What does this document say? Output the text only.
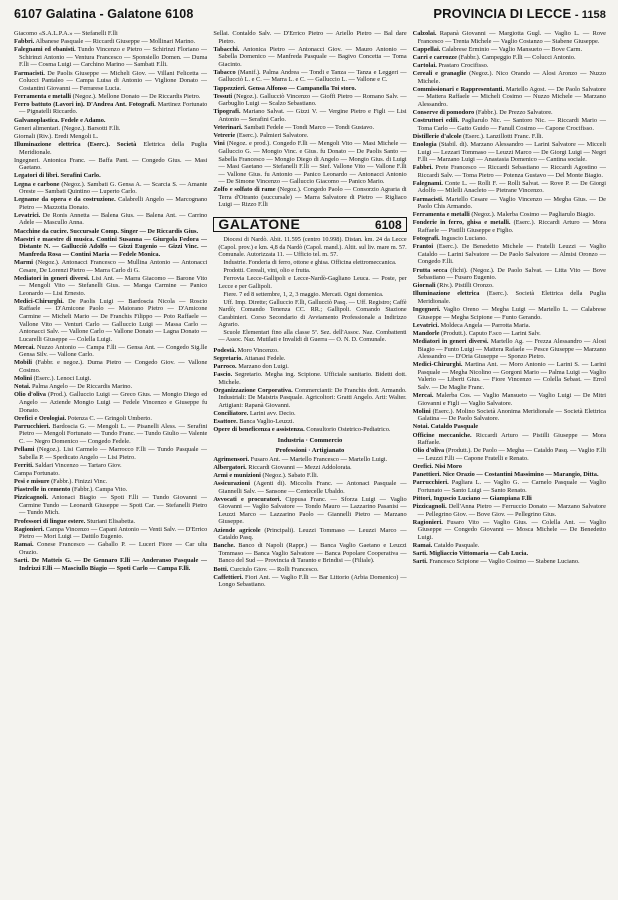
6107 Galatina - Galatone 6108	PROVINCIA DI LECCE - 1158

Giacomo «S.A.L.P.A.» — Stefanelli F.lli

Fabbri. Albanese Pasquale — Riccardi Giuseppe — Mollinari Marino.

Falegnami ed ebanisti. Tundo Vincenzo e Pietro — Schirinzi Floriano — Schirinzi Antonio — Ventura Francesco — Sponsiello Domen. — Duma F.lli — Cosma Luigi — Carchino Marino — Sambati F.lli.

Farmacisti. De Paolis Giuseppe — Micheli Giov. — Villani Felicetta — Colucci Pantaleo — Campa Luisa di Antonio — Viglione Donato — Costantini Giovanni — Ferrarese Lucia.

Ferramenta e metalli (Negoz.). Mellone Donato — De Riccardis Pietro.

Ferro battuto (Lavori in). D'Andrea Ant. Fotografi. Martinez Fortunato — Pignatelli Riccardo.

Galvanoplastica. Fedele e Adamo.

Generi alimentari. (Negoz.). Barsotti F.lli.

Giornali (Riv.). Eredi Mengoli L.

Illuminazione elettrica (Eserc.). Società Elettrica della Puglia Meridionale.

Ingegneri. Antonica Franc. — Baffa Pant. — Congedo Gius. — Masi Gaetano.

Legatori di libri. Serafini Carlo.

Legna e carbone (Negoz.). Sambati G. Gensa A. — Scarcia S. — Amante Oreste — Sambati Quintino — Luperto Carlo.

Legname da opera e da costruzione. Calabrelli Angelo — Marcognano Pietro — Mazzotta Donato.

Levatrici. De Ronis Annetta — Balena Gius. — Balena Ant. — Carrino Adele — Mascullo Anna.

Macchine da cucire. Succursale Comp. Singer — De Riccardis Gius.

Maestri e maestre di musica. Contini Susanna — Giurgola Fedora — Distante N. — Gallucciò Adolfo — Gizzi Eugenio — Gizzi Vinc. — Manfreda Rosa — Contini Maria — Fedele Monica.

Marmi (Negoz.). Antonacci Francesco — Mullina Antonio — Antonacci Cesare, De Lorenzi Pietro — Marra Carlo di G.

Mediatori in generi diversi. Lisi Ant. — Marra Giacomo — Barone Vito — Mengoli Vito — Stefanelli Gius. — Manga Carmine — Panico Leonardo — Lisi Ernesto.

Medici-Chirurghi. De Paolis Luigi — Bardoscia Nicola — Roscio Raffaele — D'Amicone Paolo — Maiorano Pietro — D'Amicone Carmine — Micheli Mario — De Franchis Filippo — Poto Raffaele — Vallone Vito — Venturi Carlo — Galluccio Luigi — Massa Carlo — Antonacci Salv. — Vallone Carlo — Vallone Donato — Lagna Donato — Lucarelli Giuseppe — Colella Luigi.

Mercai. Nuzzo Antonio — Campa F.lli — Gensa Ant. — Congedo Sig.lle Gensa Silv. — Vallone Carlo.

Mobili (Fabbr. e negoz.). Duma Pietro — Congedo Giov. — Vallone Cosimo.

Molini (Eserc.). Lenoci Luigi.

Notai. Palma Angelo — De Riccardis Marino.

Olio d'oliva (Prod.). Galluccio Luigi — Greco Gius. — Mongio Diego ed Angelo — Aziende Mongio Luigi — Fedele Vincenzo e Giuseppe fu Donato.

Orefici e Orologiai. Potenza C. — Gringoli Umberto.

Parrucchieri. Bardoscia G. — Mengoli L. — Pisanelli Aless. — Serafini Pietro — Mengoli Fortunato — Tundo Franc. — Tundo Giulio — Valente C. — Negro Domenico — Congedo Fedele.

Pellami (Negoz.). Lisi Carmelo — Marrocco F.lli — Tundo Pasquale — Sabella P. — Spedicato Angelo — Lisi Pietro.

Ferriti. Saldari Vincenzo — Tartaro Giov.

Campa Fortunato.

Pesi e misure (Fabbr.). Finizzi Vinc.

Piastrelle in cemento (Fabbr.). Campa Vito.

Pizzicagnoli. Antonaci Biagio — Spoti F.lli — Tundo Giovanni — Carmine Tundo — Leonardi Giuseppe — Spoti Car. — Stefanelli Pietro — Tundo Mich.

Professori di lingue estere. Sturiani Elisabetta.

Ragionieri. Campa Vincenzo — Capani Antonio — Venti Salv. — D'Errico Pietro — Mori Luigi — Dattilo Eugenio.

Ramai. Conese Francesco — Gaballo P. — Luceri Fiore — Car ulta Orazio.

Sarti. De Matteis G. — De Gennaro F.lli — Anderanso Pasquale — Indrizzi F.lli — Masciullo Biagio — Spoti Carlo — Campa F.lli.

Sellai. Contaldo Salv. — D'Errico Pietro — Ariello Pietro — Bal dare Pietro.

Tabacchi. Antonica Pietro — Antonacci Giov. — Mauro Antonio — Sabella Domenico — Manfreda Pasquale — Bagivo Concetta — Toma Giacinto.

Tabacco (Manif.). Palma Andrea — Tondi e Tanza — Tanza e Leggeri — Gallucciò L. e C. — Marra L. e C. — Galluccio L. — Vallone e C.

Tappezzieri. Gensa Alfonso — Campanella Toi storo.

Tessuti (Negoz.). Gallucciò Vincenzo — Gioffi Pietro — Romano Salv. — Garbuglio Luigi — Scalzo Sebastiano.

Tipografi. Mariano Salvat. — Gizzi V. — Vergine Pietro e Figli — Lisi Antonio — Serafini Carlo.

Veterinari. Sambati Fedele — Tondi Marco — Tondi Gustavo.

Vetrerie (Eserc.). Palmieri Salvatore.

Vini (Negoz. e prod.). Congedo F.lli — Mengoli Vito — Masi Michele — Galluccio G. — Mongio Vinc. e Gius. fu Donato — De Paolis Santo — Sabella Francesco — Mongio Diego di Angelo — Mongio Gius. di Luigi — Masi Gaetano — Stefanelli F.lli — Stef. Vallone Vito — Vallone F.lli — Vallone Gius. fu Antonio — Panico Leonardo — Antonacci Antonio — De Simone Vincenzo — Galluccio Giacomo — Panico Mario.

Zolfo e solfato di rame (Negoz.). Congedo Paolo — Consorzio Agraria di Terra d'Otranto (succursale) — Marra Salvatore di Pietro — Rigliaco Luigi — Rizzo F.lli

GALATONE	6108

Diocesi di Nardò. Abit. 11.595 (centro 10.998). Distan. km. 24 da Lecce (Capol. prov.) e km. 4,8 da Nardò (Capol. mand.). Altit. sul liv. mare m. 57. Comunale. Autorizzata 11. — Ufficio tel. m. 57.

Industrie. Fonderia di ferro, ottone e ghisa. Officina elettromeccanica.

Prodotti. Cereali, vini, olio e frutta.

Ferrovia Lecce-Gallipoli e Lecce-Nardò-Gagliano Leuca. — Poste, per Lecce e per Gallipoli.

Fiere. 7 ed 8 settembre, 1, 2, 3 maggio. Mercati. Ogni domenica.

Uff. Imp. Dirette; Galluccio F.lli, Gallucciò Pasq. — Uff. Registro; Caffè Nardò; Comando Tenenza CC. RR.; Gallipoli. Comando Stazione Carabinieri. Corso Secondario di Avviamento Professionale a Indirizzo Agrario.

Scuole Elementari fino alla classe 5ª. Sez. dell'Assoc. Naz. Combattenti — Assoc. Naz. Mutilati e Invalidi di Guerra — O. N. D. Comunale.

Podestà. Moro Vincenzo.

Segretario. Attanasi Fedele.

Parroco. Marzano don Luigi.

Fascio. Segretario. Megha ing. Scipione. Ufficiale sanitario. Bidetti dott. Michele.

Organizzazione Corporativa. Commercianti: De Franchis dott. Armando. Industriali: De Maistris Pasquale. Agricoltori: Gratti Angelo. Arti: Walter. Artigiani: Rapanà Giovanni.

Conciliatore. Larini avv. Decio.

Esattore. Banca Vaglio-Leuzzi.

Opere di beneficenza e assistenza. Consultorio Ostetrico-Pediatrico.

Industria · Commercio
Professioni · Artigianato

Agrimensori. Fusaro Ant. — Martello Francesco — Martello Luigi.

Albergatori. Riccardi Giovanni — Mezzi Addolorata.

Armi e munizioni (Negoz.). Sabato F.lli.

Assicurazioni (Agenti di). Miccolis Franc. — Antonaci Pasquale — Giannelli Salv. — Sansone — Centecelle Ubaldo.

Avvocati e procuratori. Cippusa Franc. — Sforza Luigi — Vaglio Giovanni — Vaglio Salvatore — Tondo Mauro — Lazzarino Pasanisi — Leuzzi Marco — Lazzarino Paolo — Giannelli Pietro — Marzano Giuseppe.

Aziende agricole (Principali). Leuzzi Tommaso — Leuzzi Marco — Cataldo Pasq.

Banche. Banco di Napoli (Rappr.) — Banca Vaglio Gaetano e Leuzzi Tommaso — Banca Vaglio Salvatore — Banca Popolare Cooperativa — Banco del Sud — Provincia di Taranto e Brindisi — (Filiale).

Botti. Curciulo Giov. — Rolli Francesco.

Caffettieri. Fiori Ant. — Vaglio F.lli — Bar Littorio (Arbia Domenico) — Longo Sebastiano.

Calzolai. Rapanà Giovanni — Margiotta Gugl. — Vaglio L. — Rove Francesco — Trenta Michele — Vaglio Costanzo — Stabene Giuseppe.

Cappellai. Calabrese Erminio — Vaglio Mansueto — Bove Carm.

Carri e carrozze (Fabbr.). Campeggio F.lli — Colucci Antonio.

Cartolai. Prastaro Crocifisso.

Cereali e granaglie (Negoz.). Nico Orando — Alosi Aronzo — Nuzzo Michele.

Commissionari e Rappresentanti. Martello Agost. — De Paolo Salvatore — Mattera Raffaele — Micheli Cosimo — Nuzzo Michele — Marzano Alessandro.

Conserve di pomodoro (Fabbr.). De Prezzo Salvatore.

Costruttori edili. Pagliarulo Nic. — Santoro Nic. — Riccardi Mario — Toma Carlo — Gatto Guido — Fanull Cosimo — Capone Crocifisso.

Distillerie d'alcole (Eserc.). Lanzillotti Franc. F.lli.

Enologia (Stabil. di). Marzano Alessandro — Larini Salvatore — Micceli Luigi — Lezzari Tommaso — Leuzzi Marco — De Giorgi Luigi — Negri F.lli — Marzano Luigi — Anastasia Domenico — Cantina sociale.

Fabbri. Prete Francesco — Riccardi Sebastiano — Riccardi Agostino — Riccardi Salv. — Toma Pietro — Potenza Gustavo — Del Monte Biagio.

Falegnami. Conte L. — Rolli F. — Rolli Salvat. — Rove P. — De Giorgi Adolfo — Milelli Anacleto — Pietrane Vincenzo.

Farmacisti. Martello Cesare — Vaglio Vincenzo — Megha Gius. — De Paolo Chis Armando.

Ferramenta e metalli (Negoz.). Malerba Cosimo — Pagliarulo Biagio.

Fonderie in ferro, ghisa e metalli. (Eserc.). Riccardi Arturo — Mora Raffaele — Pistilli Giuseppe e Figlio.

Fotografi. Inguscio Luciano.

Frantoi (Eserc.). De Benedetto Michele — Fratelli Leuzzi — Vaglio Cataldo — Larini Salvatore — De Paolo Salvatore — Almisi Oronzo — Congedo F.lli.

Frutta secca (fichi). (Negoz.). De Paolo Salvat. — Litta Vito — Bove Sebastiano — Fusaro Eugenio.

Giornali (Riv.). Pistilli Oronzo.

Illuminazione elettrica (Eserc.). Società Elettrica della Puglia Meridionale.

Ingegneri. Vaglio Oreno — Megha Luigi — Martello L. — Calabrese Giuseppe — Megha Scipione — Funto Gerando.

Levatrici. Moldeca Angela — Parrotta Maria.

Mandorle (Produtt.). Caputo F.sco — Larini Salv.

Mediatori in generi diversi. Martello Ag. — Frezza Alessandro — Alosi Biagio — Funto Luigi — Mattera Rafaele — Pesce Giuseppe — Marzano Alessandro — D'Oria Giuseppe — Sponzo Pietro.

Medici-Chirurghi. Martina Ant. — Moro Antonio — Larini S. — Larini Pasquale — Megha Nicolino — Gorgoni Mario — Palma Luigi — Vaglio Valerio — Liberti Gius. — Fiore Vincenzo — Colella Sebast. — Errol Salv. — De Maglie Franc.

Mercai. Malerba Cos. — Vaglio Mansueto — Vaglio Luigi — De Mitri Giovanni e Figli — Vaglio Salvatore.

Molini (Eserc.). Molino Società Anonima Meridionale — Società Elettrica Galatina — De Paolo Salvatore.

Notai. Cataldo Pasquale

Officine meccaniche. Riccardi Arturo — Pistilli Giuseppe — Mora Raffaele.

Olio d'oliva (Produtt.). De Paolo — Megha — Cataldo Pasq. — Vaglio F.lli — Leuzzi F.lli — Capone Fratelli e Renato.

Orefici. Nisi Moro

Panettieri. Nice Orazio — Costantini Massimino — Marangio, Ditta.

Parrucchieri. Pagliara L. — Vaglio G. — Carnelo Pasquale — Vaglio Fortunato — Santo Luigi — Santo Renato.

Pittori, Inguscio Luciano — Giampiana F.lli

Pizzicagnoli. Dell'Anna Pietro — Ferruccio Donato — Marzano Salvatore — Pellegrino Giov. — Bove Giov. — Pellegrino Gius.

Ragionieri. Fusaro Vito — Vaglio Gius. — Colella Ant. — Vaglio Giuseppe — Congedo Giovanni — Mosca Michele — De Benedetto Luigi.

Ramai. Cataldo Pasquale.

Sarti. Migliaccio Vittomaria — Cab Lucia.

Sarti. Francesco Scipione — Vaglio Cosimo — Stabene Luciano.
